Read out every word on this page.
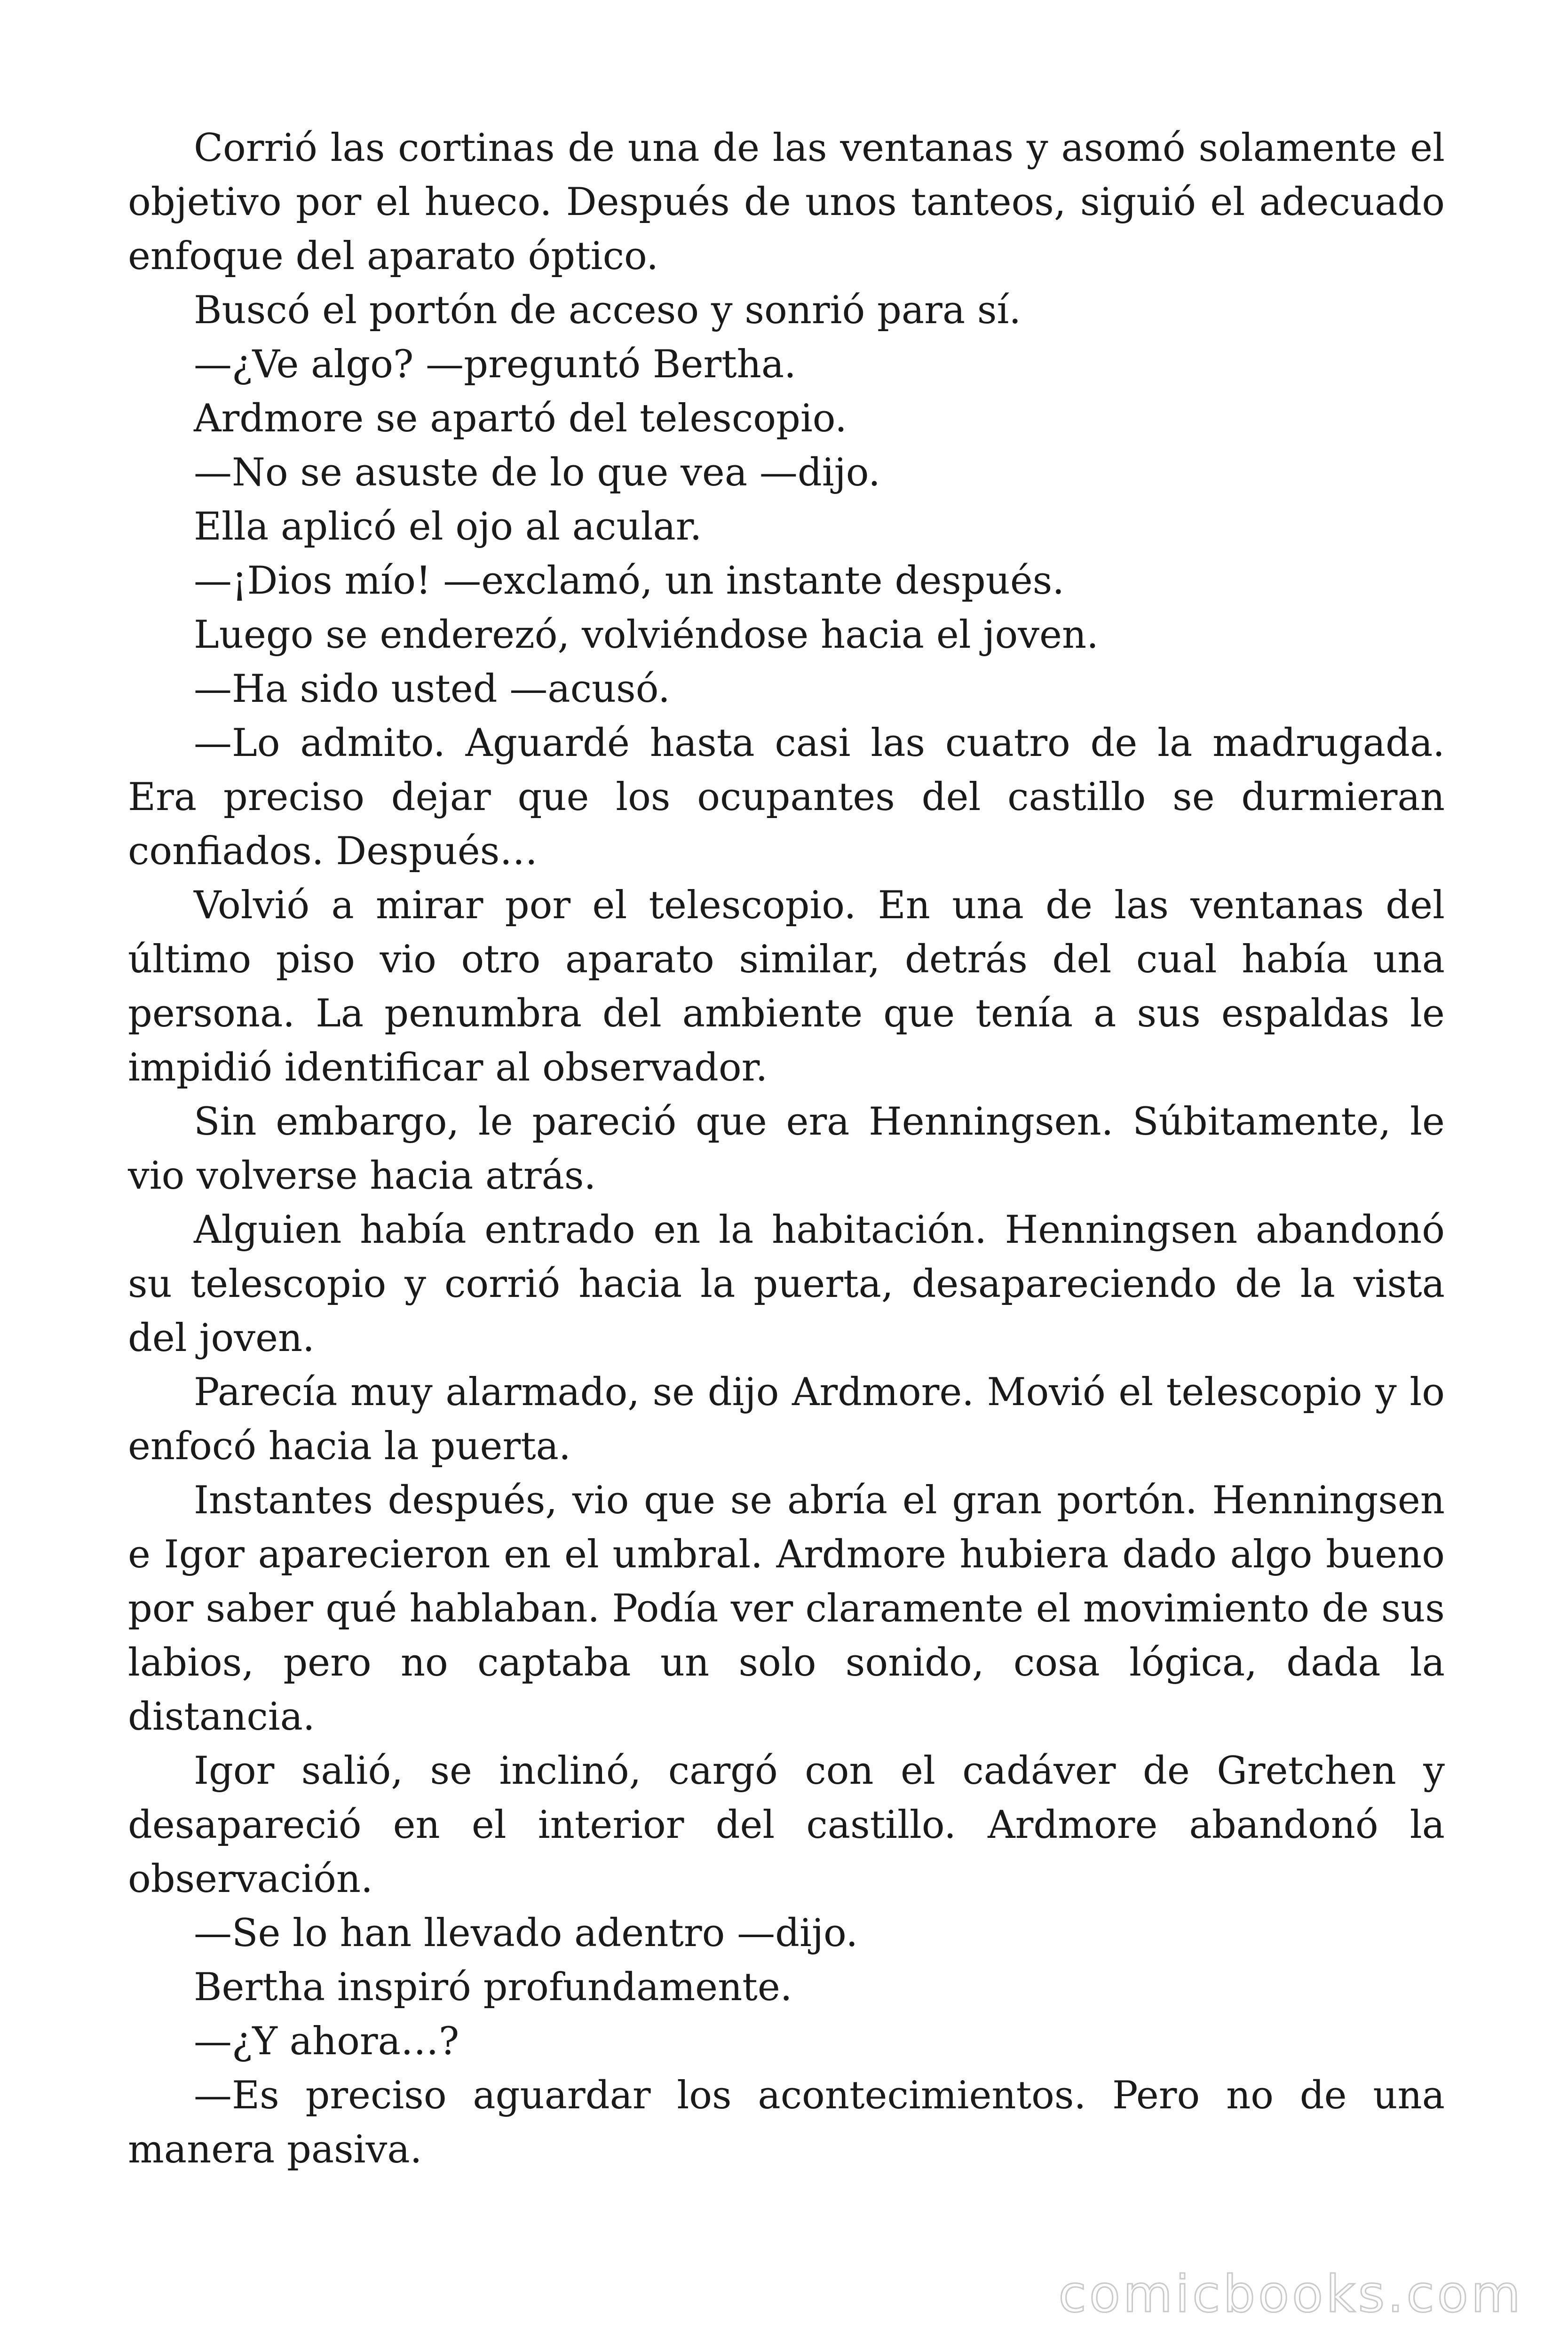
Corrió las cortinas de una de las ventanas y asomó solamente el objetivo por el hueco. Después de unos tanteos, siguió el adecuado enfoque del aparato óptico.

Buscó el portón de acceso y sonrió para sí.

—¿Ve algo? —preguntó Bertha.

Ardmore se apartó del telescopio.

—No se asuste de lo que vea —dijo.

Ella aplicó el ojo al acular.

—¡Dios mío! —exclamó, un instante después.

Luego se enderezó, volviéndose hacia el joven.

—Ha sido usted —acusó.

—Lo admito. Aguardé hasta casi las cuatro de la madrugada. Era preciso dejar que los ocupantes del castillo se durmieran confiados. Después…

Volvió a mirar por el telescopio. En una de las ventanas del último piso vio otro aparato similar, detrás del cual había una persona. La penumbra del ambiente que tenía a sus espaldas le impidió identificar al observador.

Sin embargo, le pareció que era Henningsen. Súbitamente, le vio volverse hacia atrás.

Alguien había entrado en la habitación. Henningsen abandonó su telescopio y corrió hacia la puerta, desapareciendo de la vista del joven.

Parecía muy alarmado, se dijo Ardmore. Movió el telescopio y lo enfocó hacia la puerta.

Instantes después, vio que se abría el gran portón. Henningsen e Igor aparecieron en el umbral. Ardmore hubiera dado algo bueno por saber qué hablaban. Podía ver claramente el movimiento de sus labios, pero no captaba un solo sonido, cosa lógica, dada la distancia.

Igor salió, se inclinó, cargó con el cadáver de Gretchen y desapareció en el interior del castillo. Ardmore abandonó la observación.

—Se lo han llevado adentro —dijo.

Bertha inspiró profundamente.

—¿Y ahora…?

—Es preciso aguardar los acontecimientos. Pero no de una manera pasiva.

comicbooks.com
